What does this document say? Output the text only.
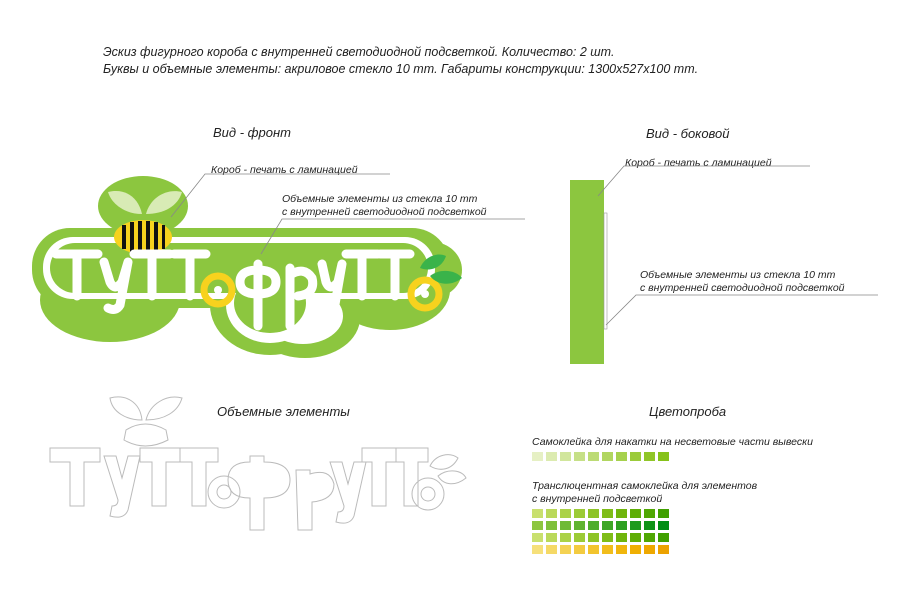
Эскиз фигурного короба с внутренней светодиодной подсветкой. Количество: 2 шт.
Буквы и объемные элементы: акриловое стекло 10 mm. Габариты конструкции: 1300x527x100 mm.
Вид - фронт	Вид - боковой
Объемные элементы	Цветопроба
Короб - печать с ламинацией
Объемные элементы из стекла 10 mm
с внутренней светодиодной подсветкой
Короб - печать с ламинацией
Объемные элементы из стекла 10 mm
с внутренней светодиодной подсветкой
Самоклейка для накатки на несветовые части вывески
Транслюцентная самоклейка для элементов
с внутренней подсветкой
